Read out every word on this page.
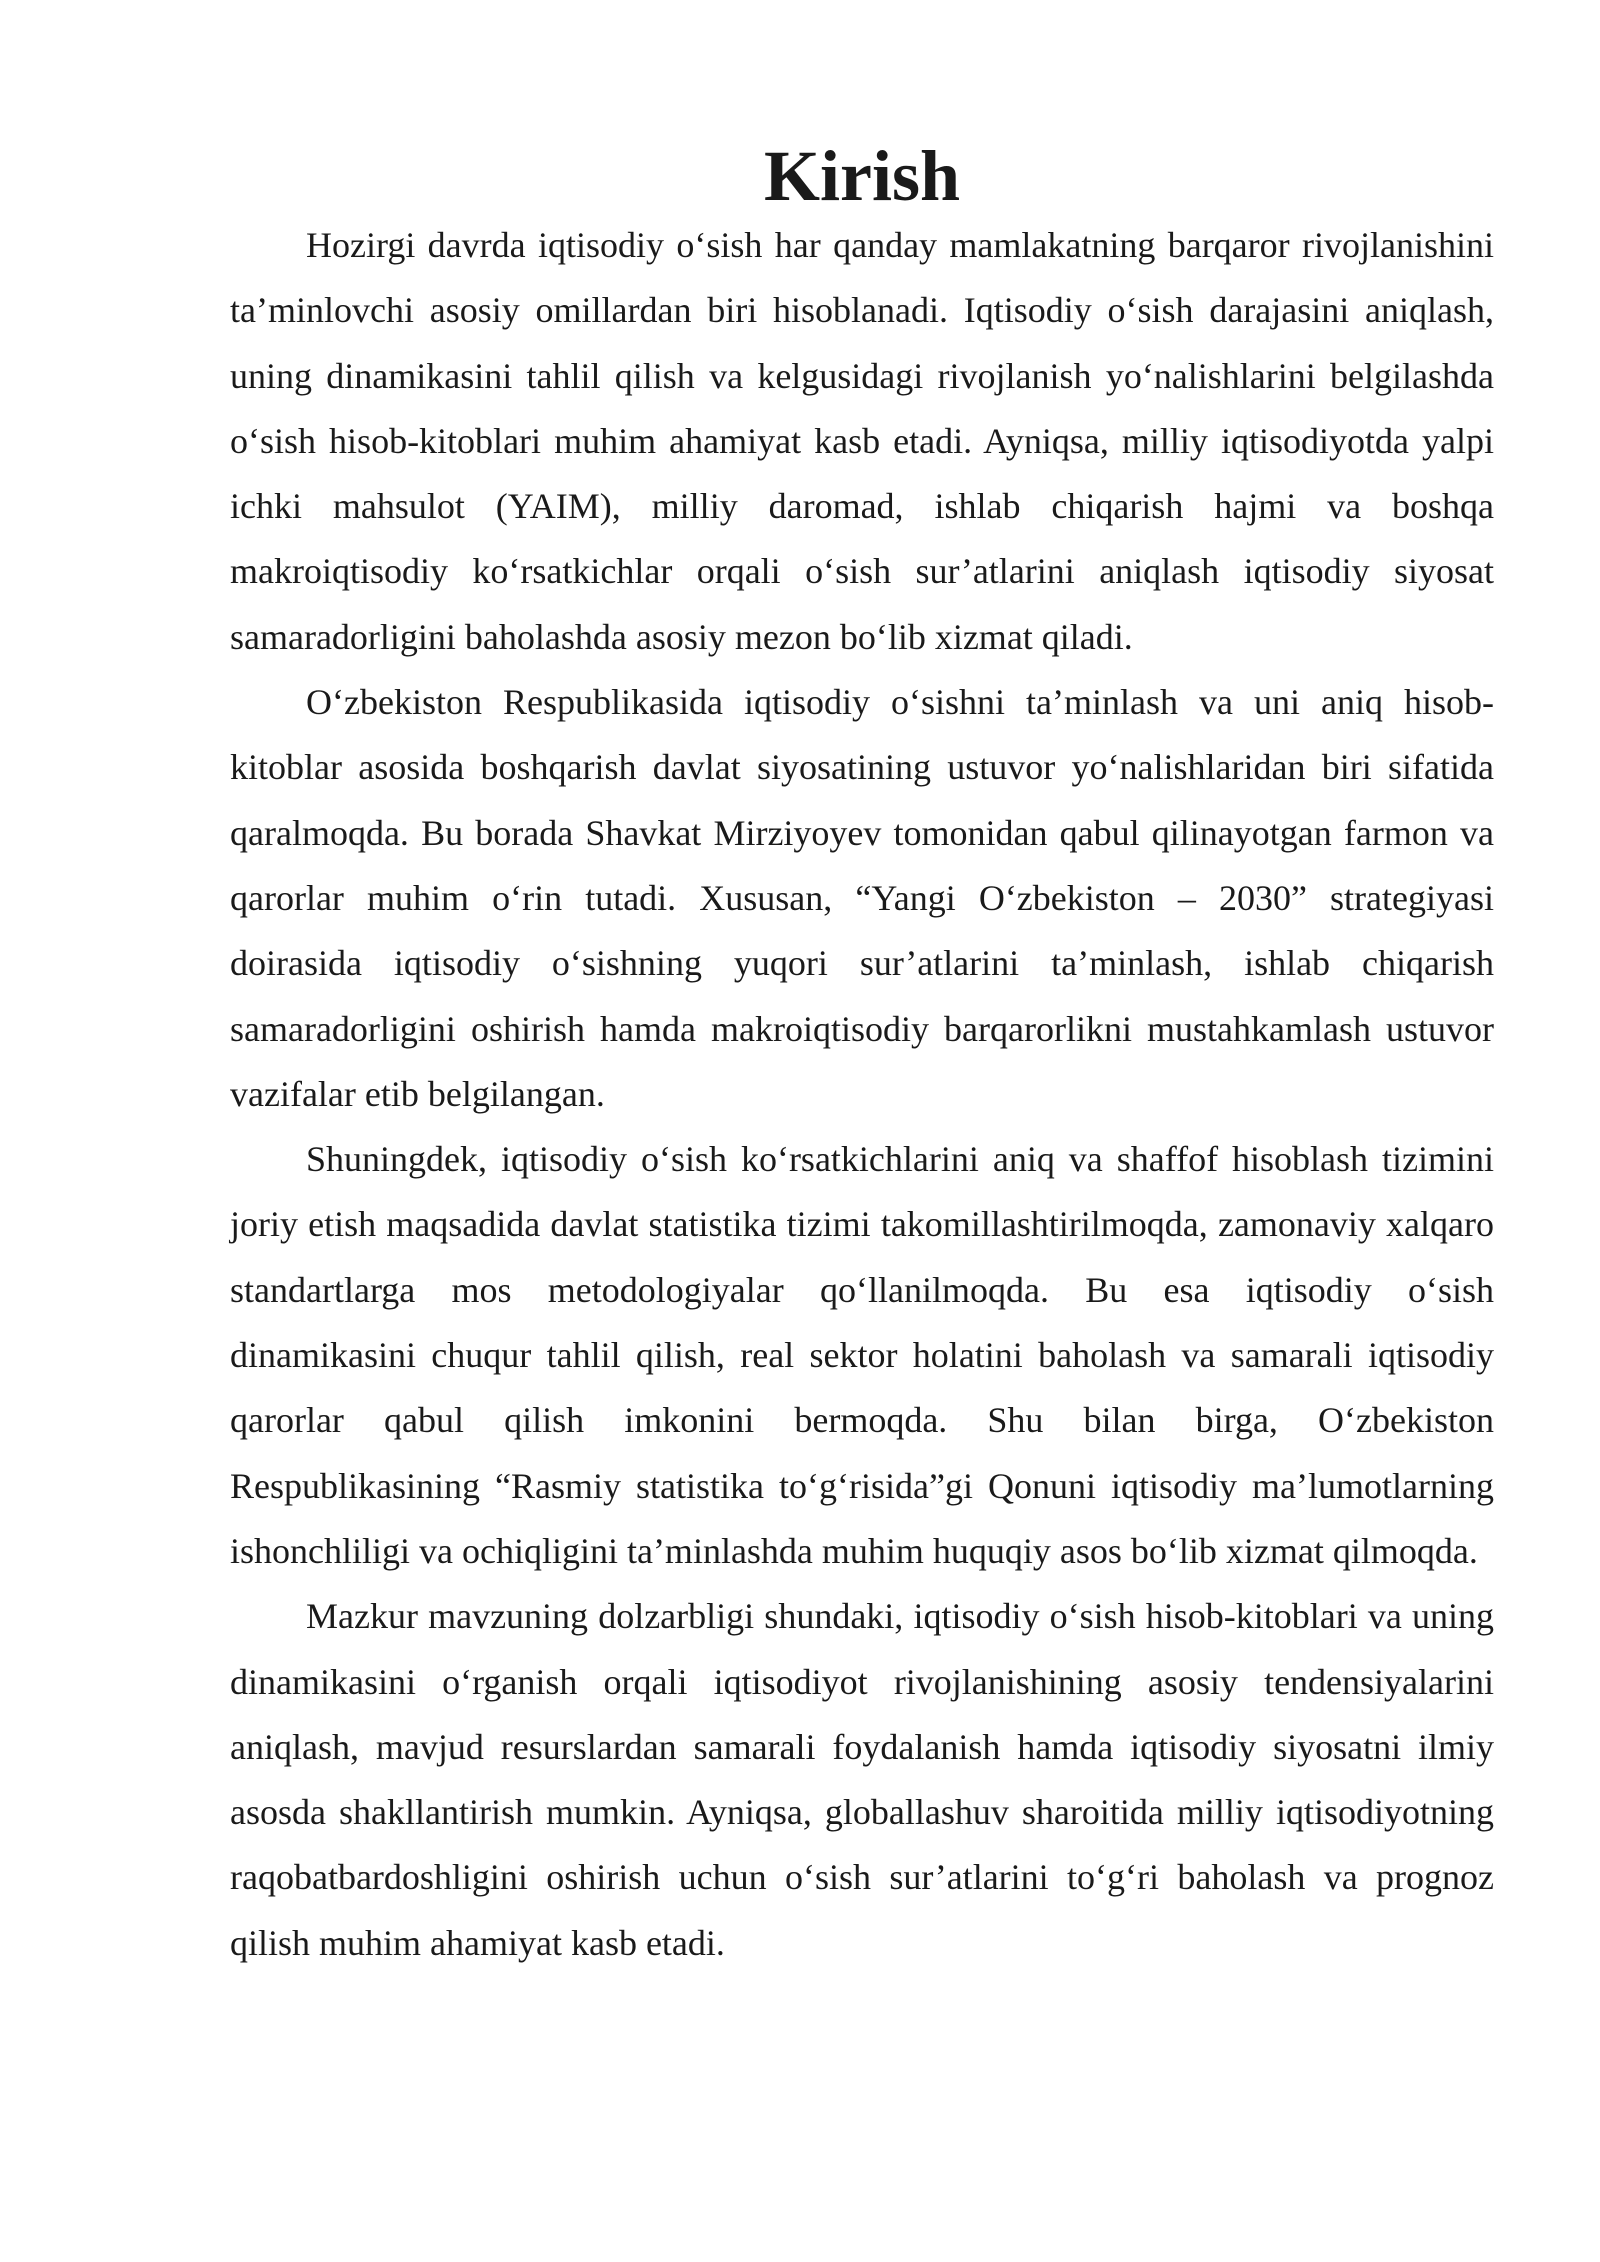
Kirish

Hozirgi davrda iqtisodiy o‘sish har qanday mamlakatning barqaror rivojlanishini ta’minlovchi asosiy omillardan biri hisoblanadi. Iqtisodiy o‘sish darajasini aniqlash, uning dinamikasini tahlil qilish va kelgusidagi rivojlanish yo‘nalishlarini belgilashda o‘sish hisob-kitoblari muhim ahamiyat kasb etadi. Ayniqsa, milliy iqtisodiyotda yalpi ichki mahsulot (YAIM), milliy daromad, ishlab chiqarish hajmi va boshqa makroiqtisodiy ko‘rsatkichlar orqali o‘sish sur’atlarini aniqlash iqtisodiy siyosat samaradorligini baholashda asosiy mezon bo‘lib xizmat qiladi.

O‘zbekiston Respublikasida iqtisodiy o‘sishni ta’minlash va uni aniq hisob-kitoblar asosida boshqarish davlat siyosatining ustuvor yo‘nalishlaridan biri sifatida qaralmoqda. Bu borada Shavkat Mirziyoyev tomonidan qabul qilinayotgan farmon va qarorlar muhim o‘rin tutadi. Xususan, “Yangi O‘zbekiston – 2030” strategiyasi doirasida iqtisodiy o‘sishning yuqori sur’atlarini ta’minlash, ishlab chiqarish samaradorligini oshirish hamda makroiqtisodiy barqarorlikni mustahkamlash ustuvor vazifalar etib belgilangan.

Shuningdek, iqtisodiy o‘sish ko‘rsatkichlarini aniq va shaffof hisoblash tizimini joriy etish maqsadida davlat statistika tizimi takomillashtirilmoqda, zamonaviy xalqaro standartlarga mos metodologiyalar qo‘llanilmoqda. Bu esa iqtisodiy o‘sish dinamikasini chuqur tahlil qilish, real sektor holatini baholash va samarali iqtisodiy qarorlar qabul qilish imkonini bermoqda. Shu bilan birga, O‘zbekiston Respublikasining “Rasmiy statistika to‘g‘risida”gi Qonuni iqtisodiy ma’lumotlarning ishonchliligi va ochiqligini ta’minlashda muhim huquqiy asos bo‘lib xizmat qilmoqda.

Mazkur mavzuning dolzarbligi shundaki, iqtisodiy o‘sish hisob-kitoblari va uning dinamikasini o‘rganish orqali iqtisodiyot rivojlanishining asosiy tendensiyalarini aniqlash, mavjud resurslardan samarali foydalanish hamda iqtisodiy siyosatni ilmiy asosda shakllantirish mumkin. Ayniqsa, globallashuv sharoitida milliy iqtisodiyotning raqobatbardoshligini oshirish uchun o‘sish sur’atlarini to‘g‘ri baholash va prognoz qilish muhim ahamiyat kasb etadi.
